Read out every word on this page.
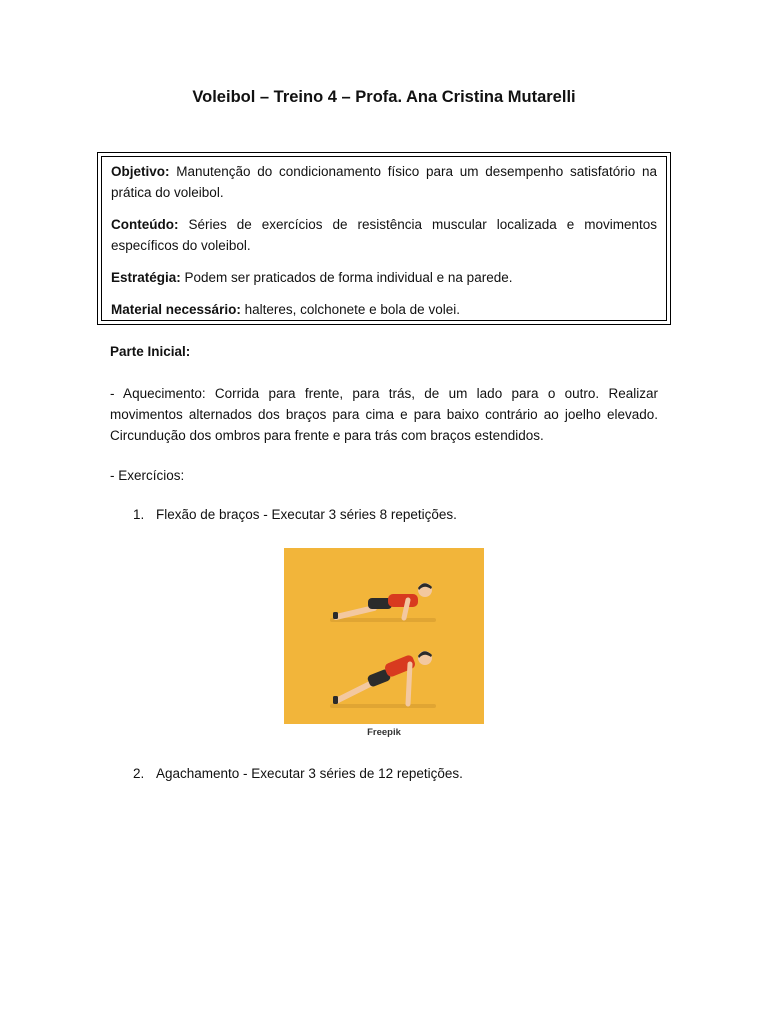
Voleibol – Treino 4 – Profa. Ana Cristina Mutarelli

Objetivo: Manutenção do condicionamento físico para um desempenho satisfatório na prática do voleibol.

Conteúdo: Séries de exercícios de resistência muscular localizada e movimentos específicos do voleibol.

Estratégia: Podem ser praticados de forma individual e na parede.

Material necessário: halteres, colchonete e bola de volei.

Parte Inicial:

- Aquecimento: Corrida para frente, para trás, de um lado para o outro. Realizar movimentos alternados dos braços para cima e para baixo contrário ao joelho elevado. Circundução dos ombros para frente e para trás com braços estendidos.

- Exercícios:

1. Flexão de braços - Executar 3 séries 8 repetições.

Freepik

2. Agachamento - Executar 3 séries de 12 repetições.
